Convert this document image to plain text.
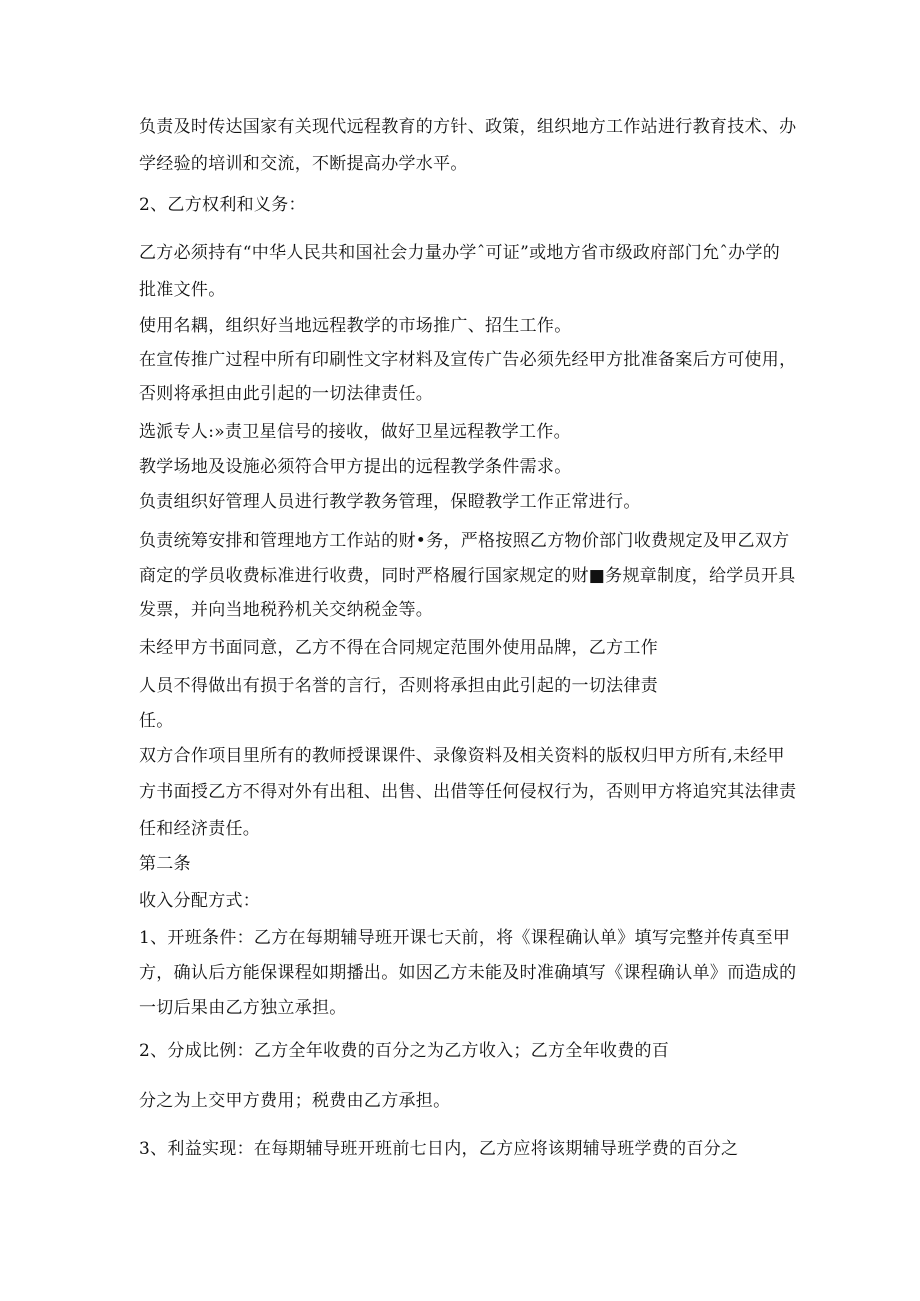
负责及时传达国家有关现代远程教育的方针、政策，组织地方工作站进行教育技术、办
学经验的培训和交流，不断提高办学水平。
2、乙方权利和义务：
乙方必须持有“中华人民共和国社会力量办学ˆ可证”或地方省市级政府部门允ˆ办学的
批准文件。
使用名耦，组织好当地远程教学的市场推广、招生工作。
在宣传推广过程中所有印刷性文字材料及宣传广告必须先经甲方批准备案后方可使用，
否则将承担由此引起的一切法律责任。
选派专人:»责卫星信号的接收，做好卫星远程教学工作。
教学场地及设施必须符合甲方提出的远程教学条件需求。
负责组织好管理人员进行教学教务管理，保瞪教学工作正常进行。
负责统筹安排和管理地方工作站的财•务，严格按照乙方物价部门收费规定及甲乙双方
商定的学员收费标准进行收费，同时严格履行国家规定的财■务规章制度，给学员开具
发票，并向当地税矜机关交纳税金等。
未经甲方书面同意，乙方不得在合同规定范围外使用品牌，乙方工作
人员不得做出有损于名誉的言行，否则将承担由此引起的一切法律责
任。
双方合作项目里所有的教师授课课件、录像资料及相关资料的版权归甲方所有,未经甲
方书面授乙方不得对外有出租、出售、出借等任何侵权行为，否则甲方将追究其法律责
任和经济责任。
第二条
收入分配方式：
1、开班条件：乙方在每期辅导班开课七天前，将《课程确认单》填写完整并传真至甲
方，确认后方能保课程如期播出。如因乙方未能及时准确填写《课程确认单》而造成的
一切后果由乙方独立承担。
2、分成比例：乙方全年收费的百分之为乙方收入；乙方全年收费的百
分之为上交甲方费用；税费由乙方承担。
3、利益实现：在每期辅导班开班前七日内，乙方应将该期辅导班学费的百分之
